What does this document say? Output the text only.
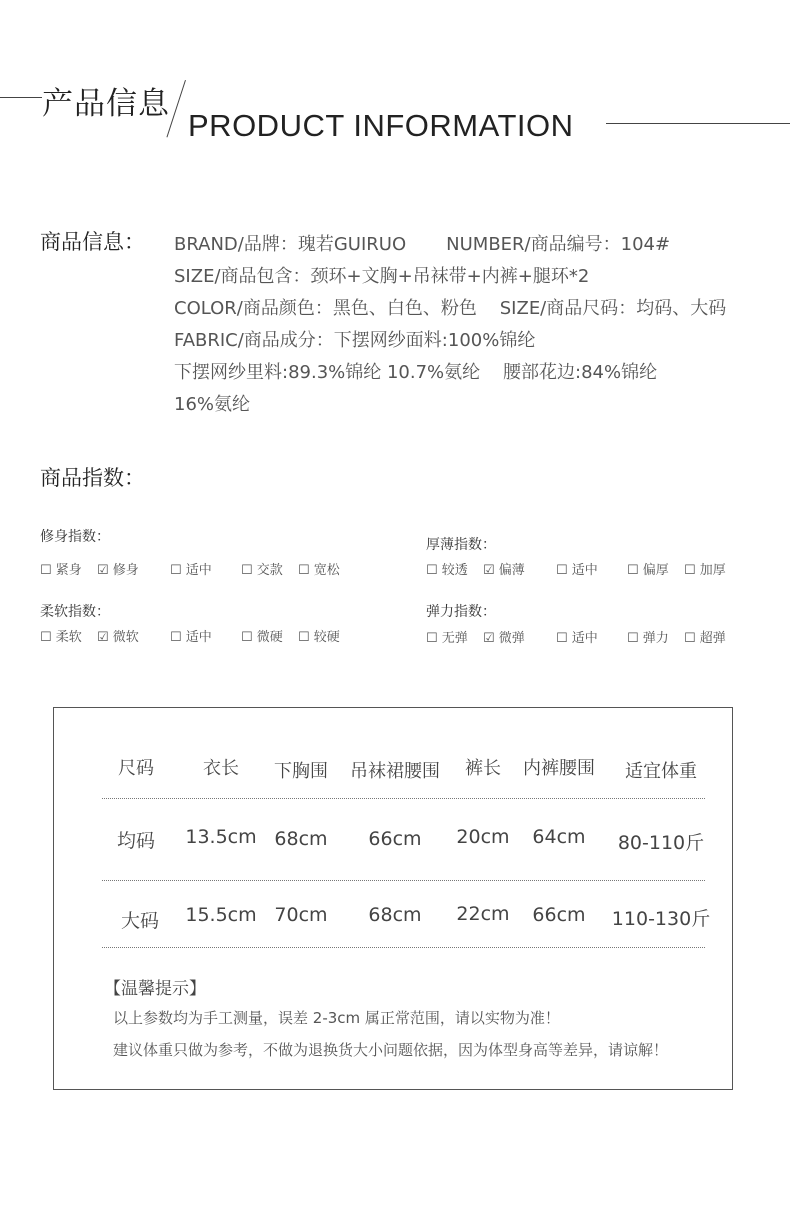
产品信息
PRODUCT INFORMATION
商品信息： BRAND/品牌：瑰若GUIRUO       NUMBER/商品编号：104#
SIZE/商品包含：颈环+文胸+吊袜带+内裤+腿环*2
COLOR/商品颜色：黑色、白色、粉色    SIZE/商品尺码：均码、大码
FABRIC/商品成分：下摆网纱面料:100%锦纶
下摆网纱里料:89.3%锦纶 10.7%氨纶    腰部花边:84%锦纶
16%氨纶
商品指数：
修身指数：
☐ 紧身 ☑ 修身 ☐ 适中 ☐ 交款 ☐ 宽松
厚薄指数：
☐ 较透 ☑ 偏薄 ☐ 适中 ☐ 偏厚 ☐ 加厚
柔软指数：
☐ 柔软 ☑ 微软 ☐ 适中 ☐ 微硬 ☐ 较硬
弹力指数：
☐ 无弹 ☑ 微弹 ☐ 适中 ☐ 弹力 ☐ 超弹
尺码	衣长 下胸围 吊袜裙腰围 裤长 内裤腰围 适宜体重
均码 13.5cm 68cm 66cm 20cm 64cm 80-110斤
大码 15.5cm 70cm 68cm 22cm 66cm 110-130斤
【温馨提示】
以上参数均为手工测量，误差 2-3cm 属正常范围，请以实物为准！
建议体重只做为参考，不做为退换货大小问题依据，因为体型身高等差异，请谅解！
